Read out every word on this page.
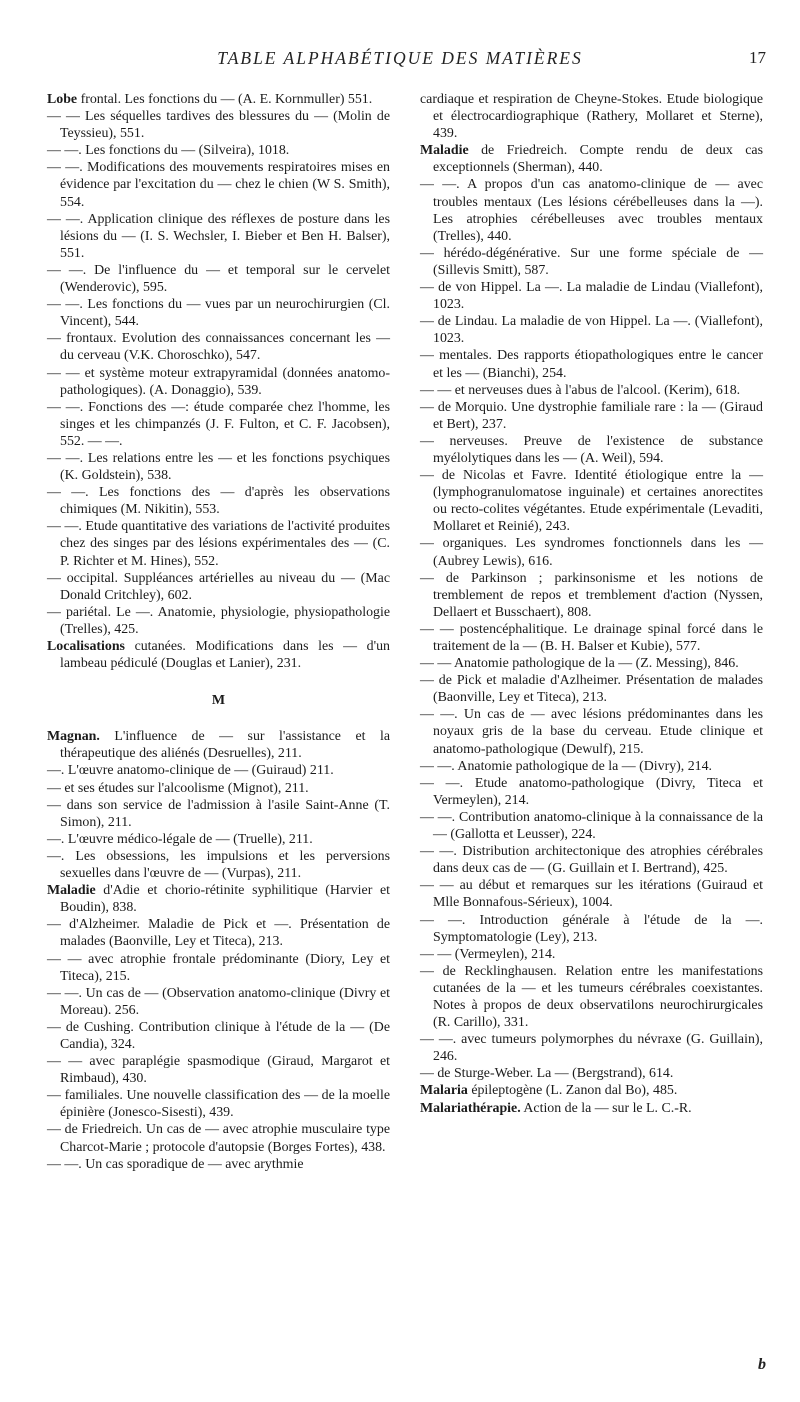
TABLE ALPHABÉTIQUE DES MATIÈRES	17

Lobe frontal. Les fonctions du — (A. E. Kornmuller) 551.

— — Les séquelles tardives des blessures du — (Molin de Teyssieu), 551.

— —. Les fonctions du — (Silveira), 1018.

— —. Modifications des mouvements respiratoires mises en évidence par l'excitation du — chez le chien (W S. Smith), 554.

— —. Application clinique des réflexes de posture dans les lésions du — (I. S. Wechsler, I. Bieber et Ben H. Balser), 551.

— —. De l'influence du — et temporal sur le cervelet (Wenderovic), 595.

— —. Les fonctions du — vues par un neurochirurgien (Cl. Vincent), 544.

— frontaux. Evolution des connaissances concernant les — du cerveau (V.K. Choroschko), 547.

— — et système moteur extrapyramidal (données anatomo-pathologiques). (A. Donaggio), 539.

— —. Fonctions des —: étude comparée chez l'homme, les singes et les chimpanzés (J. F. Fulton, et C. F. Jacobsen), 552. — —.

— —. Les relations entre les — et les fonctions psychiques (K. Goldstein), 538.

— —. Les fonctions des — d'après les observations chimiques (M. Nikitin), 553.

— —. Etude quantitative des variations de l'activité produites chez des singes par des lésions expérimentales des — (C. P. Richter et M. Hines), 552.

— occipital. Suppléances artérielles au niveau du — (Mac Donald Critchley), 602.

— pariétal. Le —. Anatomie, physiologie, physiopathologie (Trelles), 425.

Localisations cutanées. Modifications dans les — d'un lambeau pédiculé (Douglas et Lanier), 231.

M

Magnan. L'influence de — sur l'assistance et la thérapeutique des aliénés (Desruelles), 211.

—. L'œuvre anatomo-clinique de — (Guiraud) 211.

— et ses études sur l'alcoolisme (Mignot), 211.

— dans son service de l'admission à l'asile Saint-Anne (T. Simon), 211.

—. L'œuvre médico-légale de — (Truelle), 211.

—. Les obsessions, les impulsions et les perversions sexuelles dans l'œuvre de — (Vurpas), 211.

Maladie d'Adie et chorio-rétinite syphilitique (Harvier et Boudin), 838.

— d'Alzheimer. Maladie de Pick et —. Présentation de malades (Baonville, Ley et Titeca), 213.

— — avec atrophie frontale prédominante (Diory, Ley et Titeca), 215.

— —. Un cas de — (Observation anatomo-clinique (Divry et Moreau). 256.

— de Cushing. Contribution clinique à l'étude de la — (De Candia), 324.

— — avec paraplégie spasmodique (Giraud, Margarot et Rimbaud), 430.

— familiales. Une nouvelle classification des — de la moelle épinière (Jonesco-Sisesti), 439.

— de Friedreich. Un cas de — avec atrophie musculaire type Charcot-Marie ; protocole d'autopsie (Borges Fortes), 438.

— —. Un cas sporadique de — avec arythmie

cardiaque et respiration de Cheyne-Stokes. Etude biologique et électrocardiographique (Rathery, Mollaret et Sterne), 439.

Maladie de Friedreich. Compte rendu de deux cas exceptionnels (Sherman), 440.

— —. A propos d'un cas anatomo-clinique de — avec troubles mentaux (Les lésions cérébelleuses dans la —). Les atrophies cérébelleuses avec troubles mentaux (Trelles), 440.

— hérédo-dégénérative. Sur une forme spéciale de — (Sillevis Smitt), 587.

— de von Hippel. La —. La maladie de Lindau (Viallefont), 1023.

— de Lindau. La maladie de von Hippel. La —. (Viallefont), 1023.

— mentales. Des rapports étiopathologiques entre le cancer et les — (Bianchi), 254.

— — et nerveuses dues à l'abus de l'alcool. (Kerim), 618.

— de Morquio. Une dystrophie familiale rare : la — (Giraud et Bert), 237.

— nerveuses. Preuve de l'existence de substance myélolytiques dans les — (A. Weil), 594.

— de Nicolas et Favre. Identité étiologique entre la — (lymphogranulomatose inguinale) et certaines anorectites ou recto-colites végétantes. Etude expérimentale (Levaditi, Mollaret et Reinié), 243.

— organiques. Les syndromes fonctionnels dans les — (Aubrey Lewis), 616.

— de Parkinson ; parkinsonisme et les notions de tremblement de repos et tremblement d'action (Nyssen, Dellaert et Busschaert), 808.

— — postencéphalitique. Le drainage spinal forcé dans le traitement de la — (B. H. Balser et Kubie), 577.

— — Anatomie pathologique de la — (Z. Messing), 846.

— de Pick et maladie d'Azlheimer. Présentation de malades (Baonville, Ley et Titeca), 213.

— —. Un cas de — avec lésions prédominantes dans les noyaux gris de la base du cerveau. Etude clinique et anatomo-pathologique (Dewulf), 215.

— —. Anatomie pathologique de la — (Divry), 214.

— —. Etude anatomo-pathologique (Divry, Titeca et Vermeylen), 214.

— —. Contribution anatomo-clinique à la connaissance de la — (Gallotta et Leusser), 224.

— —. Distribution architectonique des atrophies cérébrales dans deux cas de — (G. Guillain et I. Bertrand), 425.

— — au début et remarques sur les itérations (Guiraud et Mlle Bonnafous-Sérieux), 1004.

— —. Introduction générale à l'étude de la —. Symptomatologie (Ley), 213.

— — (Vermeylen), 214.

— de Recklinghausen. Relation entre les manifestations cutanées de la — et les tumeurs cérébrales coexistantes. Notes à propos de deux observatilons neurochirurgicales (R. Carillo), 331.

— —. avec tumeurs polymorphes du névraxe (G. Guillain), 246.

— de Sturge-Weber. La — (Bergstrand), 614.

Malaria épileptogène (L. Zanon dal Bo), 485.

Malariathérapie. Action de la — sur le L. C.-R.

b
